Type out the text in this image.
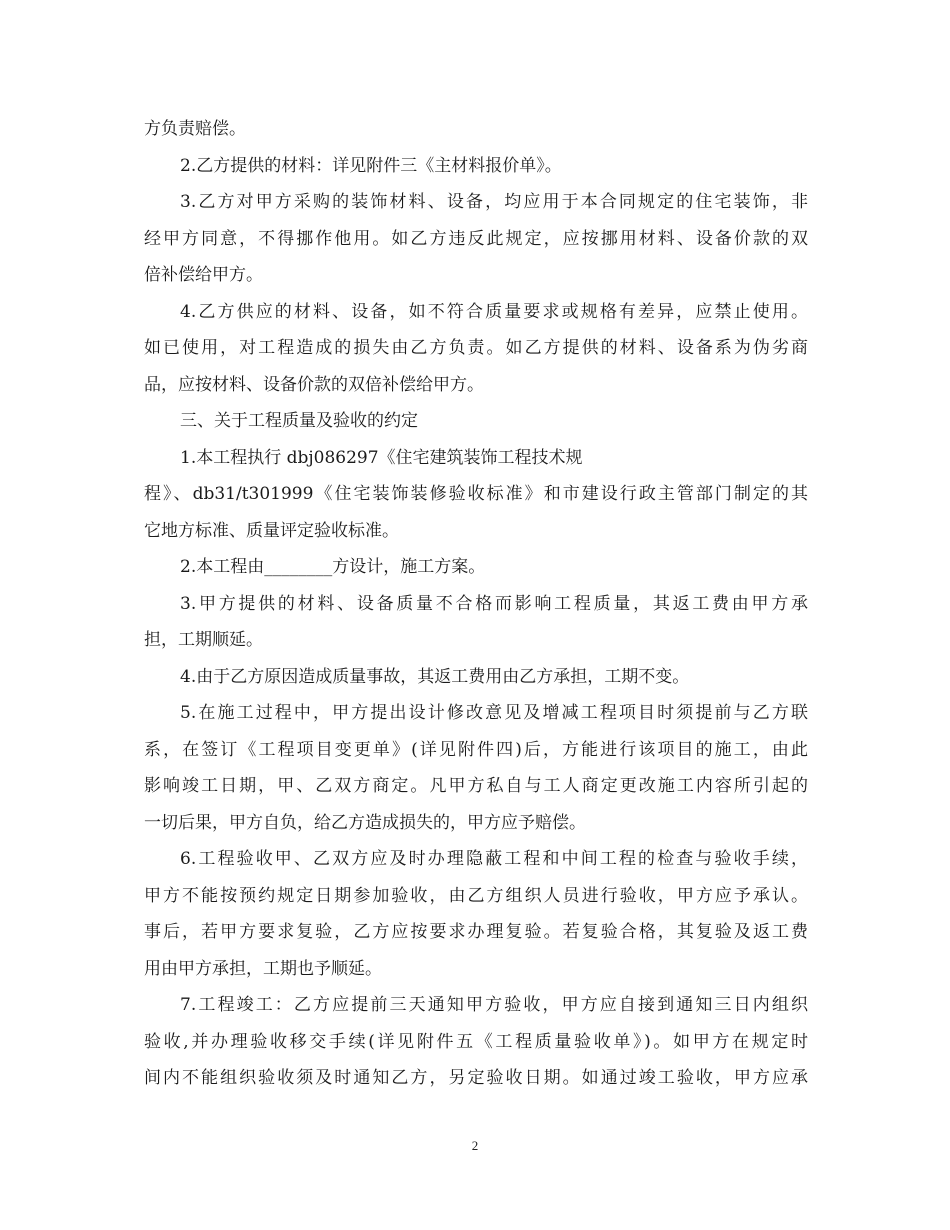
方负责赔偿。
2.乙方提供的材料：详见附件三《主材料报价单》。
3.乙方对甲方采购的装饰材料、设备，均应用于本合同规定的住宅装饰，非
经甲方同意，不得挪作他用。如乙方违反此规定，应按挪用材料、设备价款的双
倍补偿给甲方。
4.乙方供应的材料、设备，如不符合质量要求或规格有差异，应禁止使用。
如已使用，对工程造成的损失由乙方负责。如乙方提供的材料、设备系为伪劣商
品，应按材料、设备价款的双倍补偿给甲方。
三、关于工程质量及验收的约定
1.本工程执行 dbj086297《住宅建筑装饰工程技术规
程》、db31/t301999《住宅装饰装修验收标准》和市建设行政主管部门制定的其
它地方标准、质量评定验收标准。
2.本工程由________方设计，施工方案。
3.甲方提供的材料、设备质量不合格而影响工程质量，其返工费由甲方承
担，工期顺延。
4.由于乙方原因造成质量事故，其返工费用由乙方承担，工期不变。
5.在施工过程中，甲方提出设计修改意见及增减工程项目时须提前与乙方联
系，在签订《工程项目变更单》(详见附件四)后，方能进行该项目的施工，由此
影响竣工日期，甲、乙双方商定。凡甲方私自与工人商定更改施工内容所引起的
一切后果，甲方自负，给乙方造成损失的，甲方应予赔偿。
6.工程验收甲、乙双方应及时办理隐蔽工程和中间工程的检查与验收手续，
甲方不能按预约规定日期参加验收，由乙方组织人员进行验收，甲方应予承认。
事后，若甲方要求复验，乙方应按要求办理复验。若复验合格，其复验及返工费
用由甲方承担，工期也予顺延。
7.工程竣工：乙方应提前三天通知甲方验收，甲方应自接到通知三日内组织
验收,并办理验收移交手续(详见附件五《工程质量验收单》)。如甲方在规定时
间内不能组织验收须及时通知乙方，另定验收日期。如通过竣工验收，甲方应承
2
